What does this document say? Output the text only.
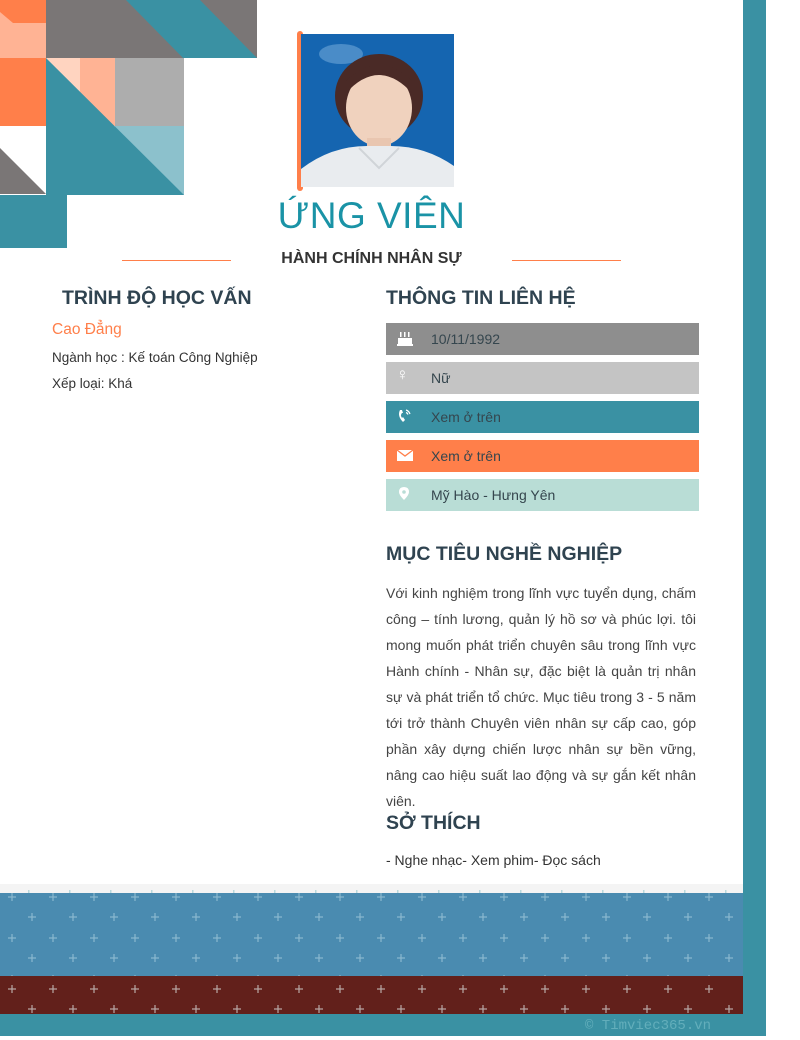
ỨNG VIÊN
HÀNH CHÍNH NHÂN SỰ
TRÌNH ĐỘ HỌC VẤN
Cao Đẳng
Ngành học : Kế toán Công Nghiệp
Xếp loại: Khá
THÔNG TIN LIÊN HỆ
10/11/1992
♀	Nữ
Xem ở trên
Xem ở trên
Mỹ Hào - Hưng Yên
MỤC TIÊU NGHỀ NGHIỆP
Với kinh nghiệm trong lĩnh vực tuyển dụng, chấm công – tính lương, quản lý hồ sơ và phúc lợi. tôi mong muốn phát triển chuyên sâu trong lĩnh vực Hành chính - Nhân sự, đặc biệt là quản trị nhân sự và phát triển tổ chức. Mục tiêu trong 3 - 5 năm tới trở thành Chuyên viên nhân sự cấp cao, góp phần xây dựng chiến lược nhân sự bền vững, nâng cao hiệu suất lao động và sự gắn kết nhân viên.
SỞ THÍCH
- Nghe nhạc- Xem phim- Đọc sách
© Timviec365.vn
